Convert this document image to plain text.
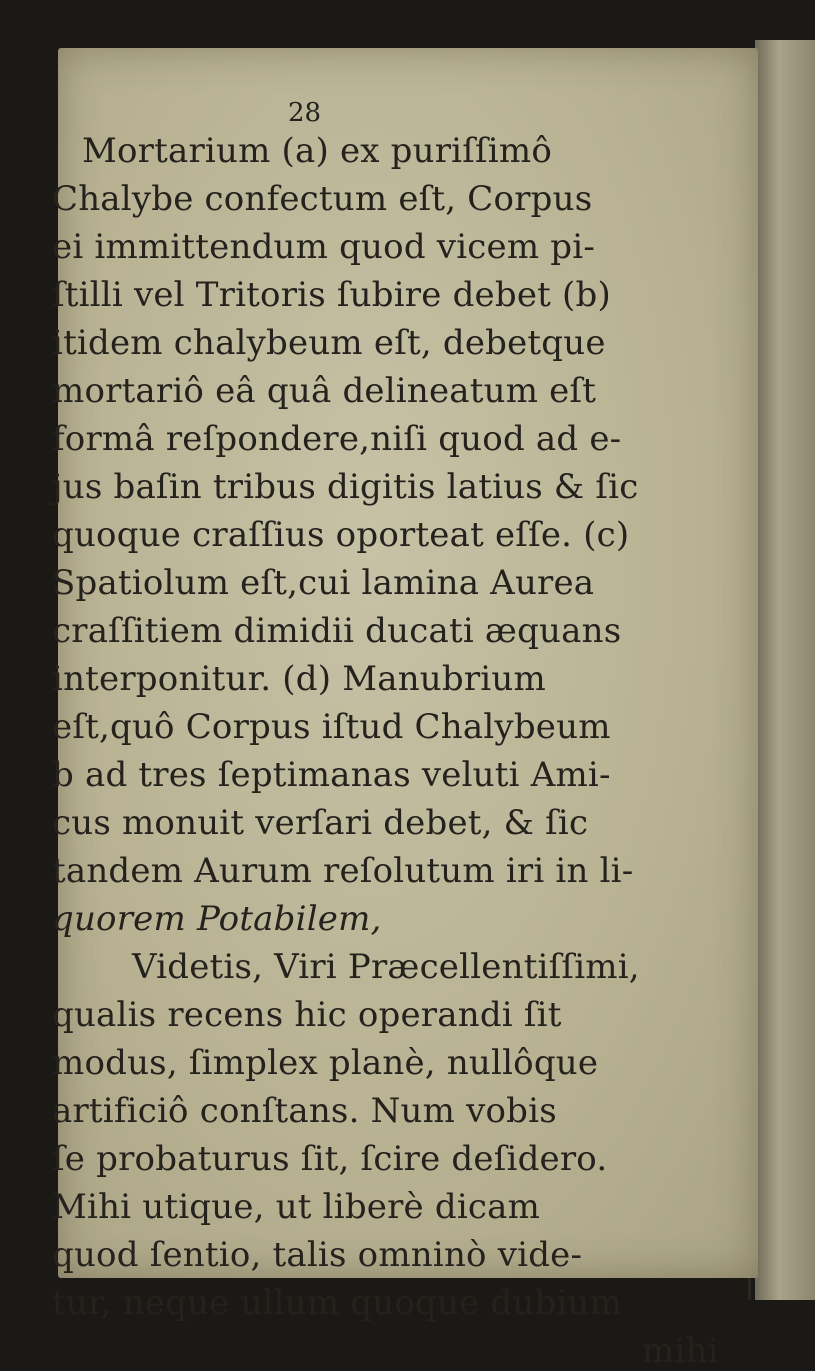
28
Mortarium (a) ex puriſſimô
Chalybe confectum eſt, Corpus
ei immittendum quod vicem pi-
ſtilli vel Tritoris ſubire debet (b)
itidem chalybeum eſt, debetque
mortariô eâ quâ delineatum eſt
formâ reſpondere,niſi quod ad e-
jus baſin tribus digitis latius & ſic
quoque craſſius oporteat eſſe. (c)
Spatiolum eſt,cui lamina Aurea
craſſitiem dimidii ducati æquans
interponitur. (d) Manubrium
eſt,quô Corpus iſtud Chalybeum
b ad tres ſeptimanas veluti Ami-
cus monuit verſari debet, & ſic
tandem Aurum reſolutum iri in li-
quorem Potabilem,
Videtis, Viri Præcellentiſſimi,
qualis recens hic operandi ſit
modus, ſimplex planè, nullôque
artificiô conſtans. Num vobis
ſe probaturus ſit, ſcire deſidero.
Mihi utique, ut liberè dicam
quod ſentio, talis omninò vide-
tur, neque ullum quoque dubium
mihi
